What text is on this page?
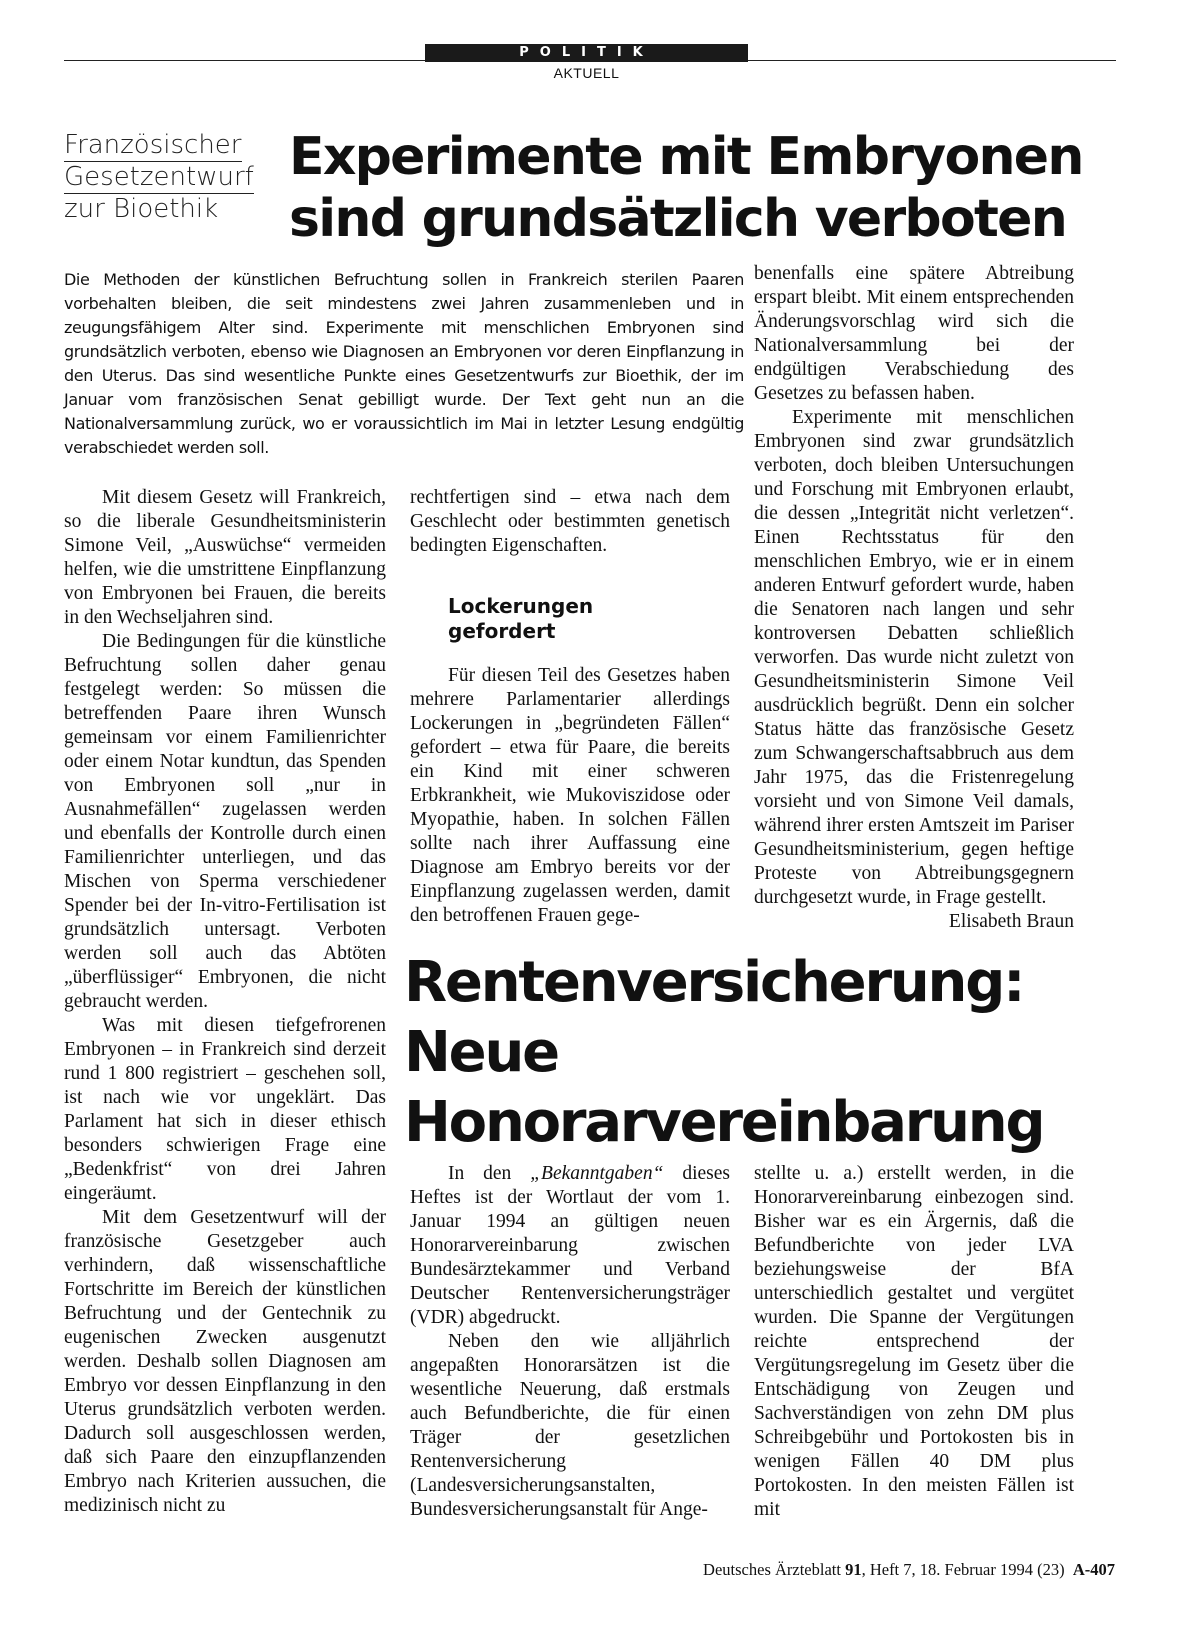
POLITIK
AKTUELL
Französischer
Gesetzentwurf
zur Bioethik
Experimente mit Embryonen
sind grundsätzlich verboten
Die Methoden der künstlichen Befruchtung sollen in Frankreich sterilen Paaren vorbehalten bleiben, die seit mindestens zwei Jahren zusammenleben und in zeugungsfähigem Alter sind. Experimente mit menschlichen Embryonen sind grundsätzlich verboten, ebenso wie Diagnosen an Embryonen vor deren Einpflanzung in den Uterus. Das sind wesentliche Punkte eines Gesetzentwurfs zur Bioethik, der im Januar vom französischen Senat gebilligt wurde. Der Text geht nun an die Nationalversammlung zurück, wo er voraussichtlich im Mai in letzter Lesung endgültig verabschiedet werden soll.

Mit diesem Gesetz will Frankreich, so die liberale Gesundheitsministerin Simone Veil, „Auswüchse“ vermeiden helfen, wie die umstrittene Einpflanzung von Embryonen bei Frauen, die bereits in den Wechseljahren sind.

Die Bedingungen für die künstliche Befruchtung sollen daher genau festgelegt werden: So müssen die betreffenden Paare ihren Wunsch gemeinsam vor einem Familienrichter oder einem Notar kundtun, das Spenden von Embryonen soll „nur in Ausnahmefällen“ zugelassen werden und ebenfalls der Kontrolle durch einen Familienrichter unterliegen, und das Mischen von Sperma verschiedener Spender bei der In-vitro-Fertilisation ist grundsätzlich untersagt. Verboten werden soll auch das Abtöten „überflüssiger“ Embryonen, die nicht gebraucht werden.

Was mit diesen tiefgefrorenen Embryonen – in Frankreich sind derzeit rund 1 800 registriert – geschehen soll, ist nach wie vor ungeklärt. Das Parlament hat sich in dieser ethisch besonders schwierigen Frage eine „Bedenkfrist“ von drei Jahren eingeräumt.

Mit dem Gesetzentwurf will der französische Gesetzgeber auch verhindern, daß wissenschaftliche Fortschritte im Bereich der künstlichen Befruchtung und der Gentechnik zu eugenischen Zwecken ausgenutzt werden. Deshalb sollen Diagnosen am Embryo vor dessen Einpflanzung in den Uterus grundsätzlich verboten werden. Dadurch soll ausgeschlossen werden, daß sich Paare den einzupflanzenden Embryo nach Kriterien aussuchen, die medizinisch nicht zu

rechtfertigen sind – etwa nach dem Geschlecht oder bestimmten genetisch bedingten Eigenschaften.

Für diesen Teil des Gesetzes haben mehrere Parlamentarier allerdings Lockerungen in „begründeten Fällen“ gefordert – etwa für Paare, die bereits ein Kind mit einer schweren Erbkrankheit, wie Mukoviszidose oder Myopathie, haben. In solchen Fällen sollte nach ihrer Auffassung eine Diagnose am Embryo bereits vor der Einpflanzung zugelassen werden, damit den betroffenen Frauen gege-

Lockerungen
gefordert

benenfalls eine spätere Abtreibung erspart bleibt. Mit einem entsprechenden Änderungsvorschlag wird sich die Nationalversammlung bei der endgültigen Verabschiedung des Gesetzes zu befassen haben.

Experimente mit menschlichen Embryonen sind zwar grundsätzlich verboten, doch bleiben Untersuchungen und Forschung mit Embryonen erlaubt, die dessen „Integrität nicht verletzen“. Einen Rechtsstatus für den menschlichen Embryo, wie er in einem anderen Entwurf gefordert wurde, haben die Senatoren nach langen und sehr kontroversen Debatten schließlich verworfen. Das wurde nicht zuletzt von Gesundheitsministerin Simone Veil ausdrücklich begrüßt. Denn ein solcher Status hätte das französische Gesetz zum Schwangerschaftsabbruch aus dem Jahr 1975, das die Fristenregelung vorsieht und von Simone Veil damals, während ihrer ersten Amtszeit im Pariser Gesundheitsministerium, gegen heftige Proteste von Abtreibungsgegnern durchgesetzt wurde, in Frage gestellt.
Elisabeth Braun

Rentenversicherung:
Neue
Honorarvereinbarung

In den „Bekanntgaben“ dieses Heftes ist der Wortlaut der vom 1. Januar 1994 an gültigen neuen Honorarvereinbarung zwischen Bundesärztekammer und Verband Deutscher Rentenversicherungsträger (VDR) abgedruckt.

Neben den wie alljährlich angepaßten Honorarsätzen ist die wesentliche Neuerung, daß erstmals auch Befundberichte, die für einen Träger der gesetzlichen Rentenversicherung (Landesversicherungsanstalten, Bundesversicherungsanstalt für Ange-

stellte u. a.) erstellt werden, in die Honorarvereinbarung einbezogen sind. Bisher war es ein Ärgernis, daß die Befundberichte von jeder LVA beziehungsweise der BfA unterschiedlich gestaltet und vergütet wurden. Die Spanne der Vergütungen reichte entsprechend der Vergütungsregelung im Gesetz über die Entschädigung von Zeugen und Sachverständigen von zehn DM plus Schreibgebühr und Portokosten bis in wenigen Fällen 40 DM plus Portokosten. In den meisten Fällen ist mit

Deutsches Ärzteblatt 91, Heft 7, 18. Februar 1994 (23) A-407
